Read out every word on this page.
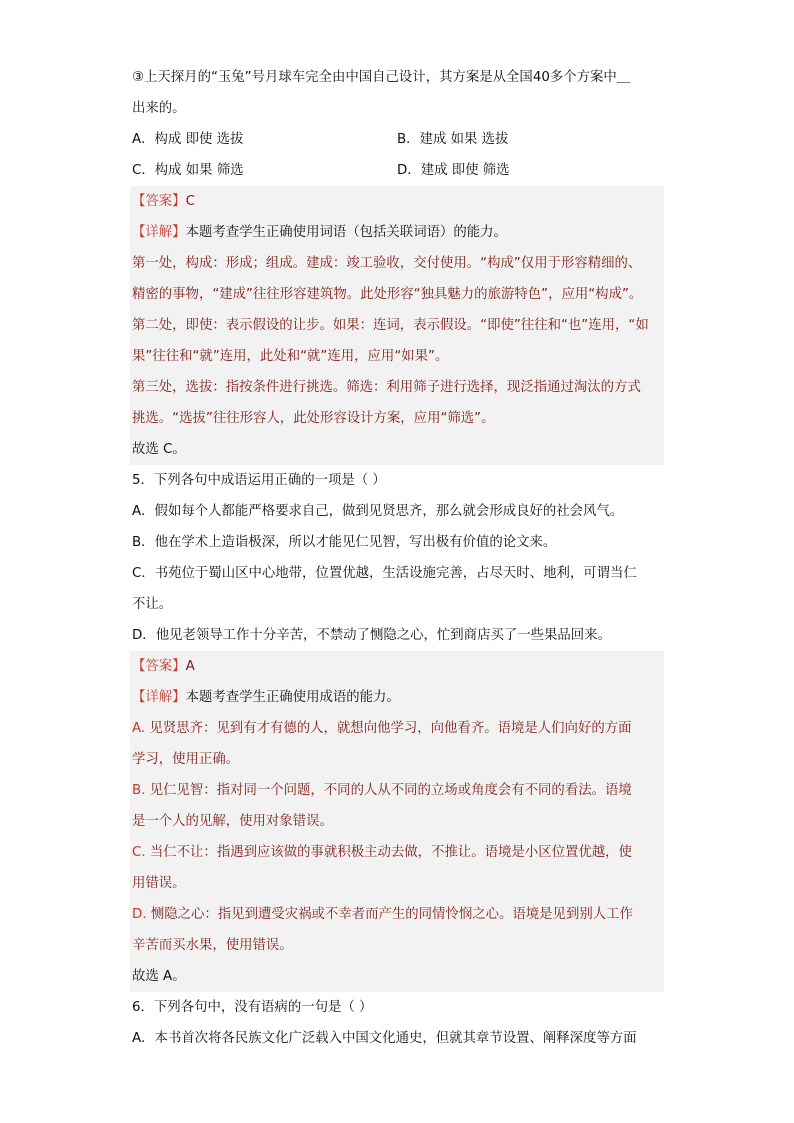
③上天探月的“玉兔”号月球车完全由中国自己设计，其方案是从全国40多个方案中＿
出来的。
A．构成 即使 选拔	B．建成 如果 选拔
C．构成 如果 筛选	D．建成 即使 筛选
【答案】C
【详解】本题考查学生正确使用词语（包括关联词语）的能力。
第一处，构成：形成；组成。建成：竣工验收，交付使用。“构成”仅用于形容精细的、
精密的事物，“建成”往往形容建筑物。此处形容“独具魅力的旅游特色”，应用“构成”。
第二处，即使：表示假设的让步。如果：连词，表示假设。“即使”往往和“也”连用，“如
果”往往和“就”连用，此处和“就”连用，应用“如果”。
第三处，选拔：指按条件进行挑选。筛选：利用筛子进行选择，现泛指通过淘汰的方式
挑选。“选拔”往往形容人，此处形容设计方案，应用“筛选”。
故选 C。
5．下列各句中成语运用正确的一项是（ ）
A．假如每个人都能严格要求自己，做到见贤思齐，那么就会形成良好的社会风气。
B．他在学术上造诣极深，所以才能见仁见智，写出极有价值的论文来。
C．书苑位于蜀山区中心地带，位置优越，生活设施完善，占尽天时、地利，可谓当仁
不让。
D．他见老领导工作十分辛苦，不禁动了恻隐之心，忙到商店买了一些果品回来。
【答案】A
【详解】本题考查学生正确使用成语的能力。
A. 见贤思齐：见到有才有德的人，就想向他学习，向他看齐。语境是人们向好的方面
学习，使用正确。
B. 见仁见智：指对同一个问题，不同的人从不同的立场或角度会有不同的看法。语境
是一个人的见解，使用对象错误。
C. 当仁不让：指遇到应该做的事就积极主动去做，不推让。语境是小区位置优越，使
用错误。
D. 恻隐之心：指见到遭受灾祸或不幸者而产生的同情怜悯之心。语境是见到别人工作
辛苦而买水果，使用错误。
故选 A。
6．下列各句中，没有语病的一句是（ ）
A．本书首次将各民族文化广泛载入中国文化通史，但就其章节设置、阐释深度等方面
